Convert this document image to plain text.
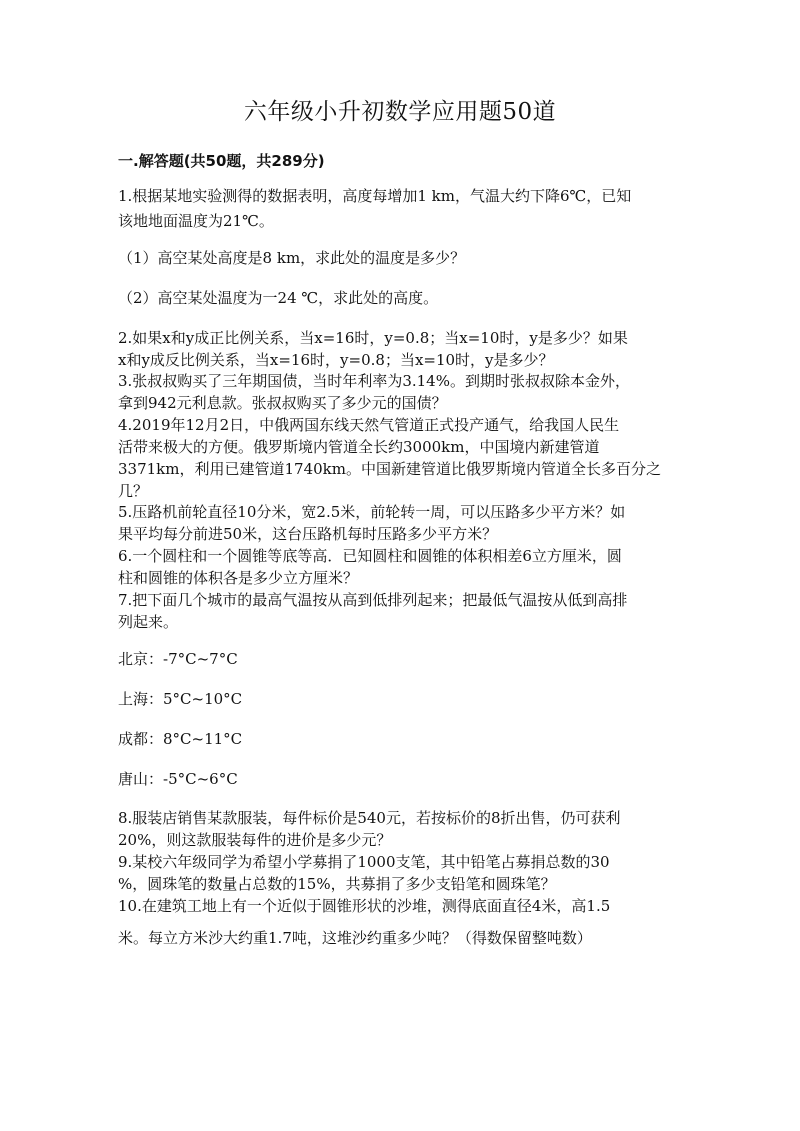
六年级小升初数学应用题50道
一.解答题(共50题，共289分)
1.根据某地实验测得的数据表明，高度每增加1 km，气温大约下降6℃，已知
该地地面温度为21℃。
（1）高空某处高度是8 km，求此处的温度是多少？
（2）高空某处温度为一24 ℃，求此处的高度。
2.如果x和y成正比例关系，当x=16时，y=0.8；当x=10时，y是多少？如果
x和y成反比例关系，当x=16时，y=0.8；当x=10时，y是多少？
3.张叔叔购买了三年期国债，当时年利率为3.14%。到期时张叔叔除本金外，
拿到942元利息款。张叔叔购买了多少元的国债？
4.2019年12月2日，中俄两国东线天然气管道正式投产通气，给我国人民生
活带来极大的方便。俄罗斯境内管道全长约3000km，中国境内新建管道
3371km，利用已建管道1740km。中国新建管道比俄罗斯境内管道全长多百分之
几？
5.压路机前轮直径10分米，宽2.5米，前轮转一周，可以压路多少平方米？如
果平均每分前进50米，这台压路机每时压路多少平方米？
6.一个圆柱和一个圆锥等底等高．已知圆柱和圆锥的体积相差6立方厘米，圆
柱和圆锥的体积各是多少立方厘米？
7.把下面几个城市的最高气温按从高到低排列起来；把最低气温按从低到高排
列起来。
北京：-7°C~7°C
上海：5°C~10°C
成都：8°C~11°C
唐山：-5°C~6°C
8.服装店销售某款服装，每件标价是540元，若按标价的8折出售，仍可获利
20%，则这款服装每件的进价是多少元？
9.某校六年级同学为希望小学募捐了1000支笔，其中铅笔占募捐总数的30
%，圆珠笔的数量占总数的15%，共募捐了多少支铅笔和圆珠笔？
10.在建筑工地上有一个近似于圆锥形状的沙堆，测得底面直径4米，高1.5
米。每立方米沙大约重1.7吨，这堆沙约重多少吨？（得数保留整吨数）
